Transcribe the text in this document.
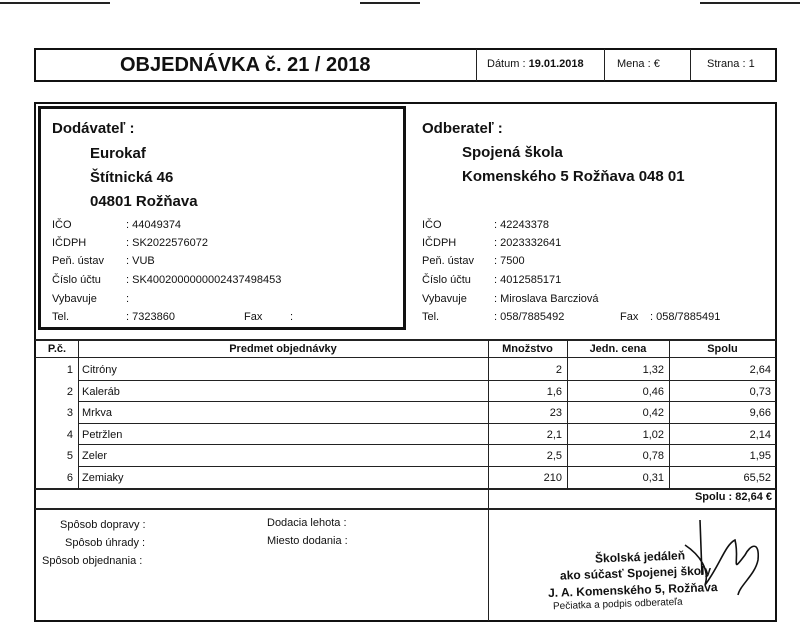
OBJEDNÁVKA č. 21 / 2018	Dátum : 19.01.2018	Mena : €	Strana : 1
Dodávateľ :
Eurokaf
Štítnická 46
04801 Rožňava
IČO	: 44049374
IČDPH	: SK2022576072
Peň. ústav : VUB
Číslo účtu : SK4002000000002437498453
Vybavuje	:
Tel.	: 7323860	Fax	:
Odberateľ :
Spojená škola
Komenského 5 Rožňava 048 01
IČO	: 42243378
IČDPH	: 2023332641
Peň. ústav : 7500
Číslo účtu : 4012585171
Vybavuje : Miroslava Barcziová
Tel.	: 058/7885492	Fax : 058/7885491
P.č.	Predmet objednávky	Množstvo	Jedn. cena	Spolu
1 Citróny	2	1,32	2,64
2 Kaleráb	1,6	0,46	0,73
3 Mrkva	23	0,42	9,66
4 Petržlen	2,1	1,02	2,14
5 Zeler	2,5	0,78	1,95
6 Zemiaky	210	0,31	65,52
Spolu : 82,64 €
Spôsob dopravy :
Spôsob úhrady :
Spôsob objednania :
Dodacia lehota :
Miesto dodania :
Školská jedáleň
ako súčasť Spojenej školy
J. A. Komenského 5, Rožňava
Pečiatka a podpis odberateľa
